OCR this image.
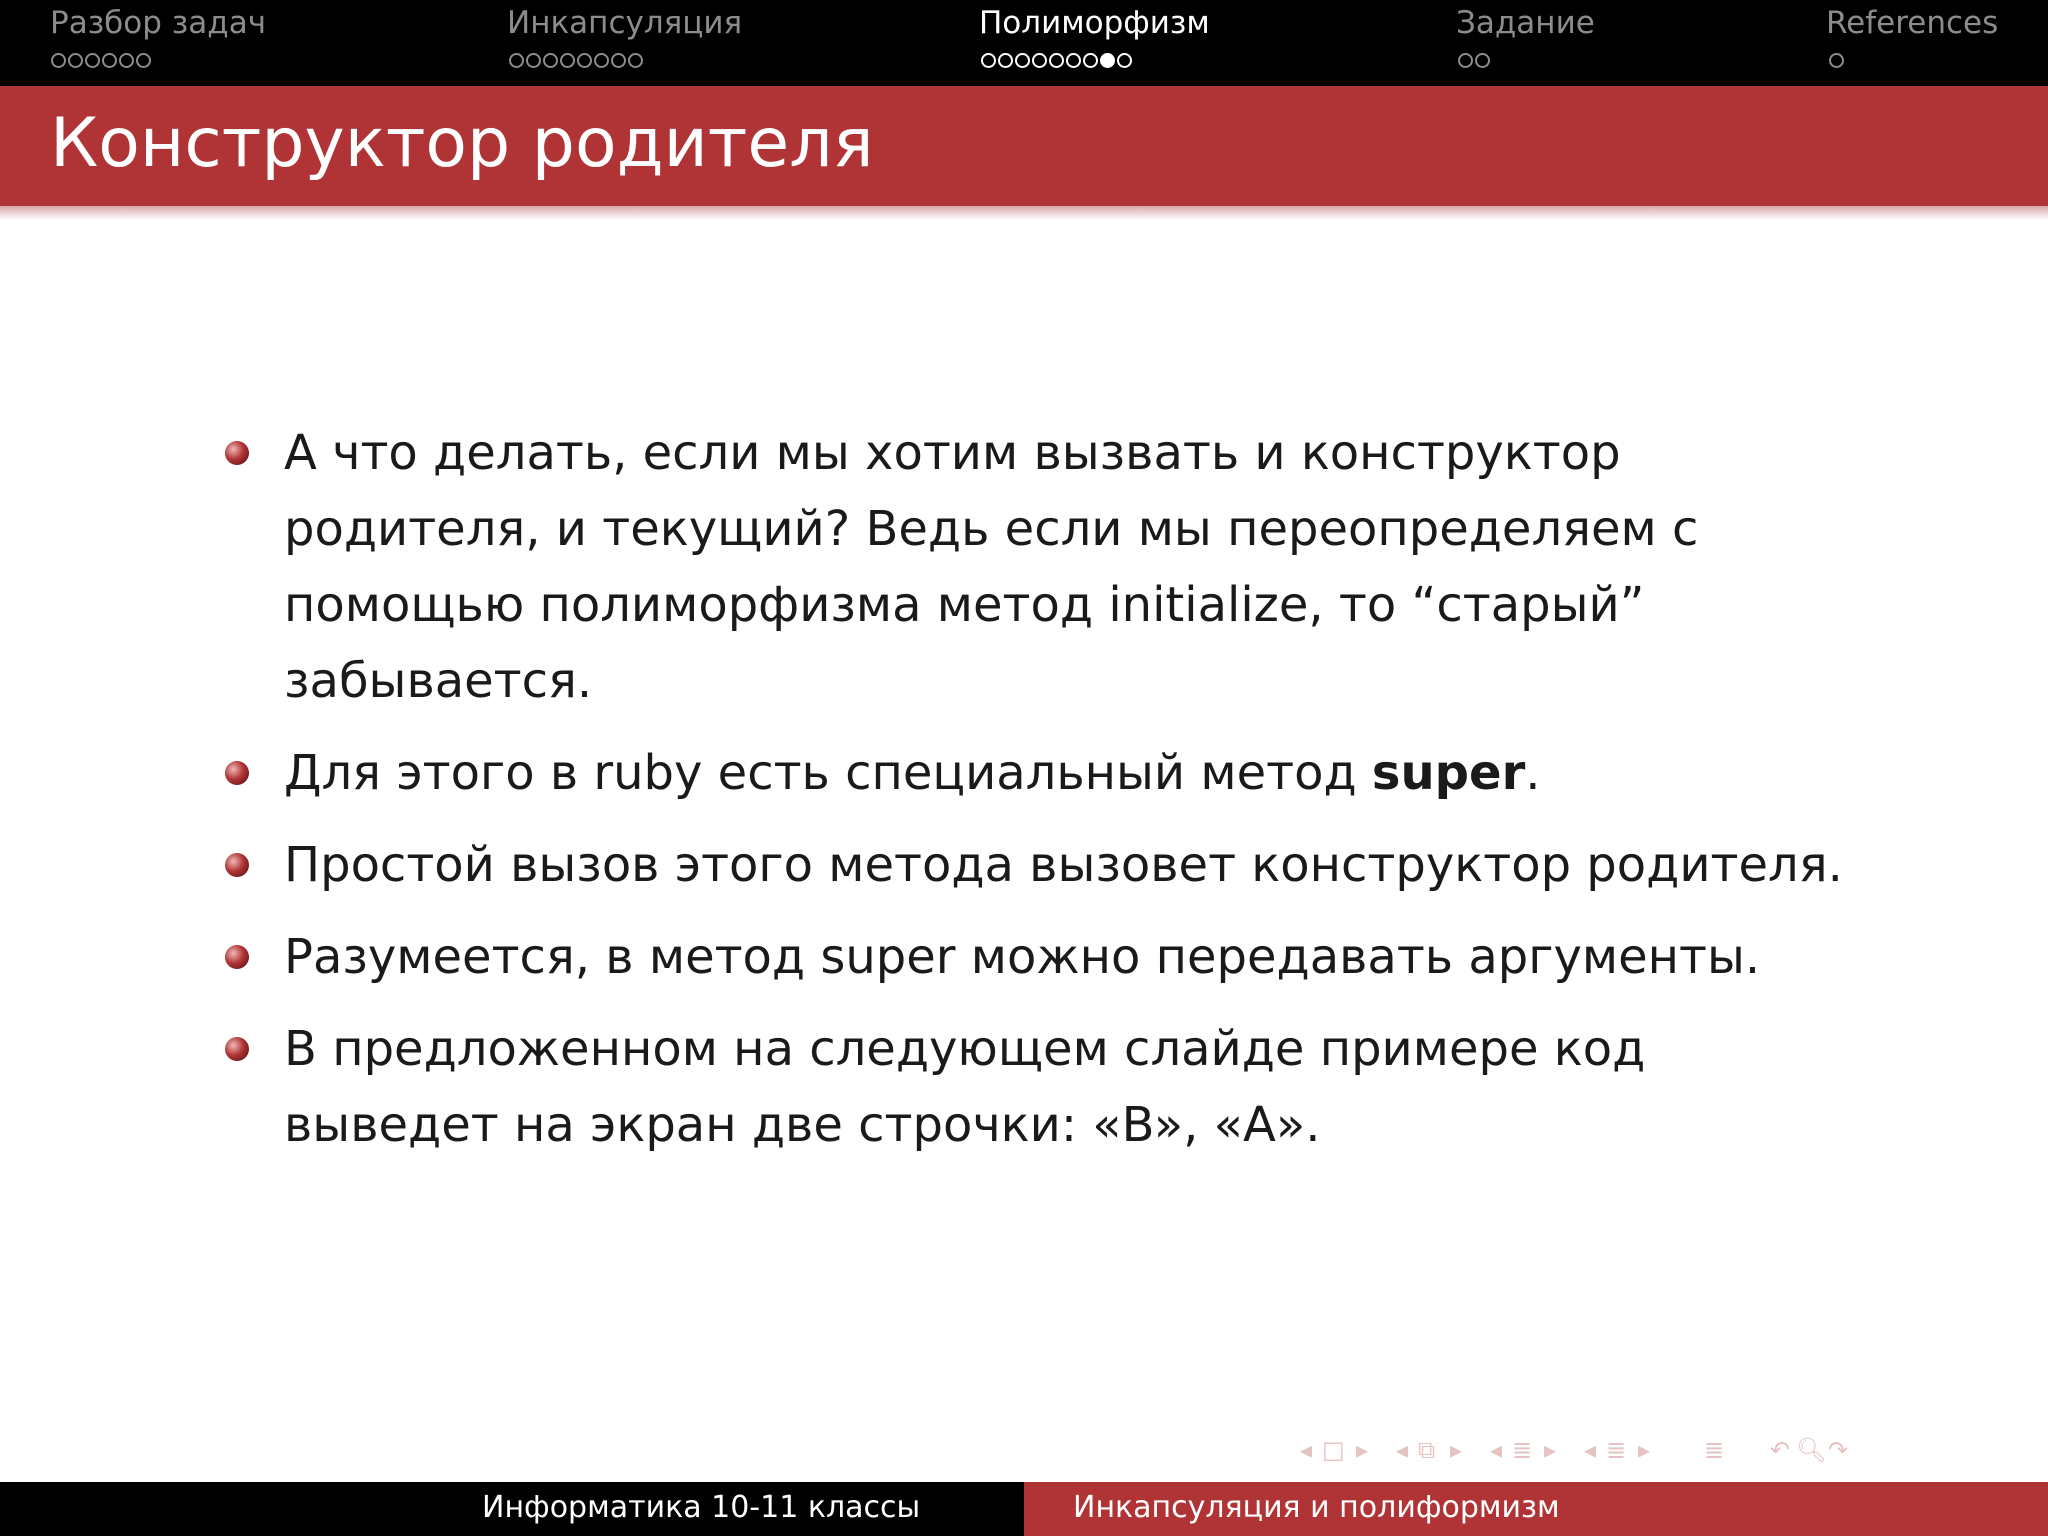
Разбор задач	Инкапсуляция	Полиморфизм	Задание	References
Конструктор родителя
А что делать, если мы хотим вызвать и конструктор родителя, и текущий? Ведь если мы переопределяем с помощью полиморфизма метод initialize, то “старый” забывается.
Для этого в ruby есть специальный метод super.
Простой вызов этого метода вызовет конструктор родителя.
Разумеется, в метод super можно передавать аргументы.
В предложенном на следующем слайде примере код выведет на экран две строчки: «B», «A».
◂ □ ▸ ◂ ⧉ ▸ ◂ ≣ ▸ ◂ ≣ ▸ ≣ ↶ 🔍︎ ↷
Информатика 10-11 классы	Инкапсуляция и полиформизм
